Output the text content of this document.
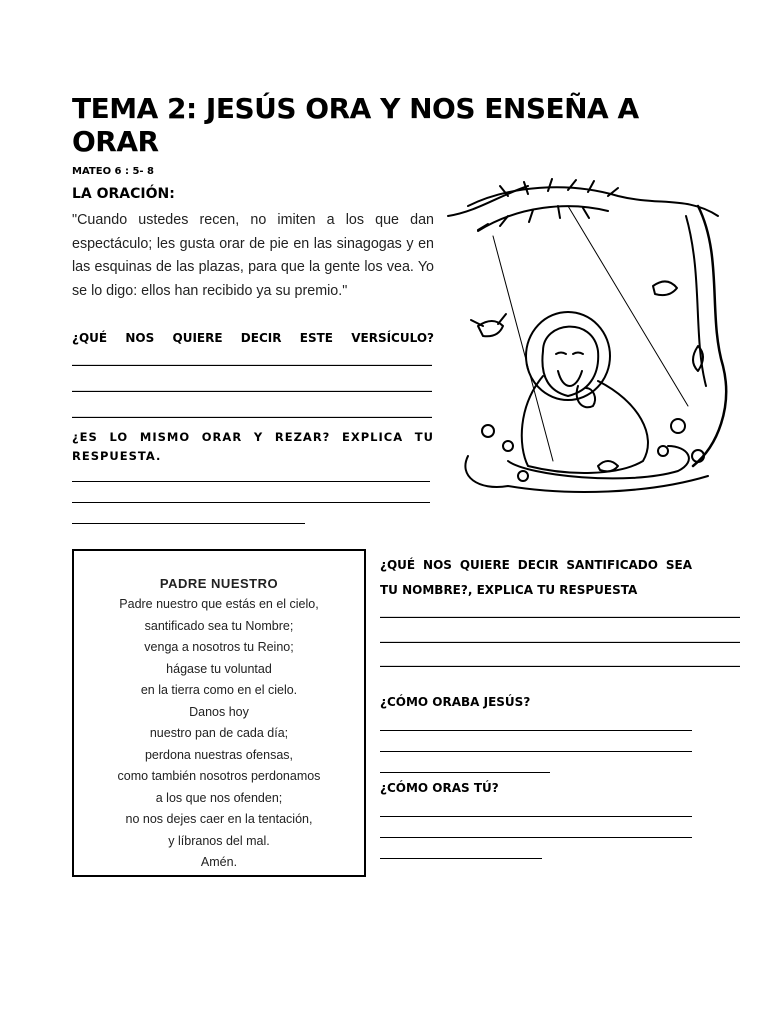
TEMA 2: JESÚS ORA Y NOS ENSEÑA A ORAR
MATEO 6 : 5- 8
LA ORACIÓN:
"Cuando ustedes recen, no imiten a los que dan espectáculo; les gusta orar de pie en las sinagogas y en las esquinas de las plazas, para que la gente los vea. Yo se lo digo: ellos han recibido ya su premio."
¿QUÉ NOS QUIERE DECIR ESTE VERSÍCULO?
____________________________________________________________
____________________________________________________________
____________________________________________________________
¿ES LO MISMO ORAR Y REZAR? EXPLICA TU
RESPUESTA.
PADRE NUESTRO
Padre nuestro que estás en el cielo,
santificado sea tu Nombre;
venga a nosotros tu Reino;
hágase tu voluntad
en la tierra como en el cielo.
Danos hoy
nuestro pan de cada día;
perdona nuestras ofensas,
como también nosotros perdonamos
a los que nos ofenden;
no nos dejes caer en la tentación,
y líbranos del mal.
Amén.
¿QUÉ NOS QUIERE DECIR SANTIFICADO SEA TU NOMBRE?, EXPLICA TU RESPUESTA
____________________________________________________________
____________________________________________________________
____________________________________________________________
¿CÓMO ORABA JESÚS?
¿CÓMO ORAS TÚ?
